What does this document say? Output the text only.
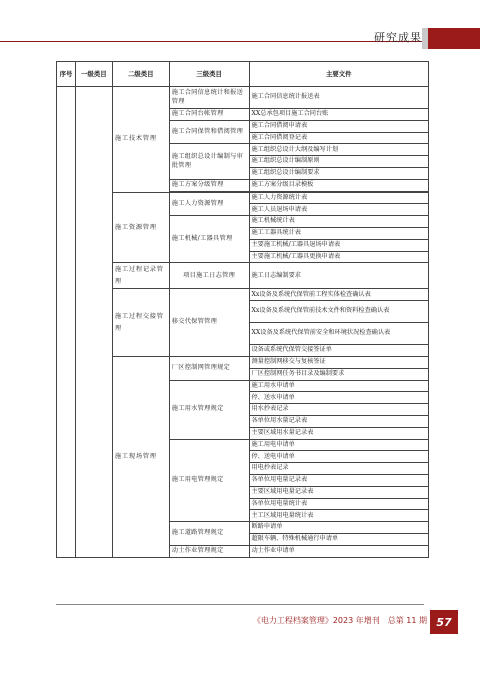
研究成果
序号	一级类目	二级类目	三级类目	主要文件
		施工技术管理	施工合同信息统计和报送管理	施工合同信息统计报送表
			施工合同台帐管理	XX总承包项目施工合同台账
			施工合同保管和借阅管理	施工合同借阅申请表
				施工合同借阅登记表
			施工组织总设计编制与审批管理	施工组织总设计大纲及编写计划
				施工组织总设计编制原则
				施工组织总设计编制要求
			施工方案分级管理	施工方案分级目录模板

		施工资源管理	施工人力资源管理	施工人力资源统计表
				施工人员退场申请表
			施工机械/工器具管理	施工机械统计表
				施工工器具统计表
				主要施工机械/工器具退场申请表
				主要施工机械/工器具更换申请表
		施工过程记录管理	项目施工日志管理	施工日志编制要求
		施工过程交接管理	移交代保管管理	Xx设备及系统代保管前工程实体检查确认表
				Xx设备及系统代保管前技术文件和资料检查确认表
				XX设备及系统代保管前安全和环境状况检查确认表
				设备或系统代保管交接签证单
		施工现场管理	厂区控制网管理规定	测量控制网移交与复核签证
				厂区控制网任务书目录及编制要求
			施工用水管理规定	施工用水申请单
				停、送水申请单
				用水抄表记录
				各单位用水量记录表
				主要区域用水量记录表
			施工用电管理规定	施工用电申请单
				停、送电申请单
				用电抄表记录
				各单位用电量记录表
				主要区域用电量记录表
				各单位用电量统计表
				主工区域用电量统计表
			施工道路管理规定	断路申请单
				超限车辆、特殊机械通行申请单
			动土作业管理规定	动土作业申请单
《电力工程档案管理》2023 年增刊　总第 11 期 57
